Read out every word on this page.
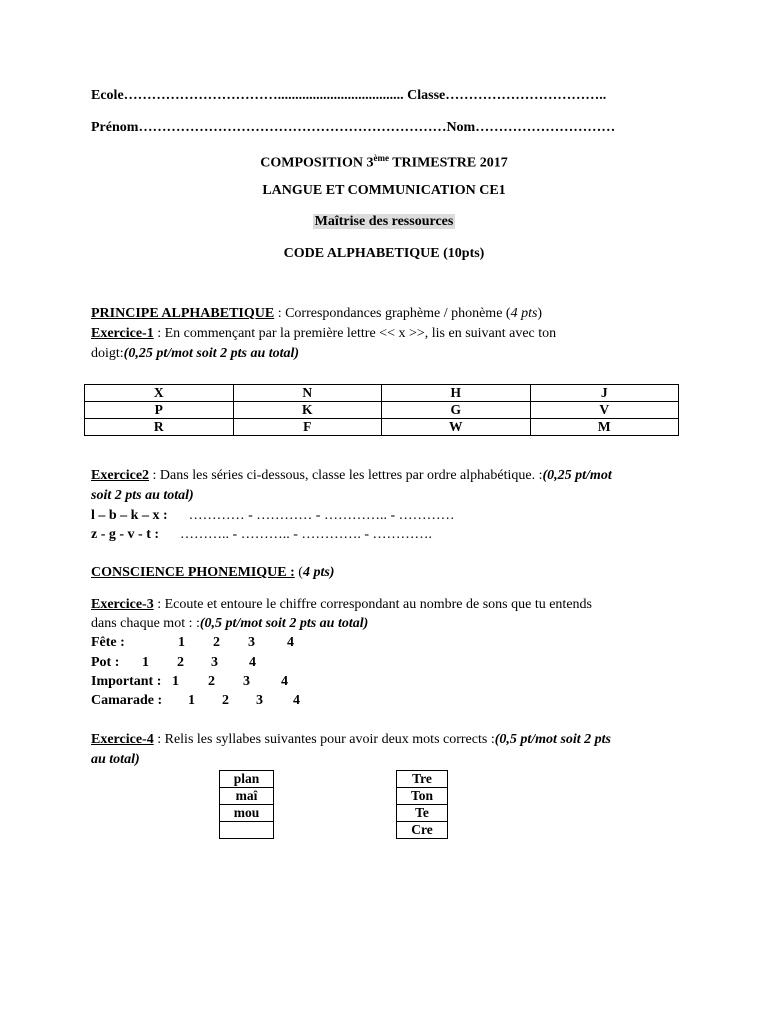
Ecole…………………………….................................... Classe……………………………..
Prénom…………………………………………………………Nom…………………………
COMPOSITION 3ème TRIMESTRE 2017
LANGUE ET COMMUNICATION CE1
Maîtrise des ressources
CODE ALPHABETIQUE (10pts)
PRINCIPE ALPHABETIQUE : Correspondances graphème / phonème (4 pts)
Exercice-1 : En commençant par la première lettre << x >>, lis en suivant avec ton
doigt:(0,25 pt/mot soit 2 pts au total)
X	N	H	J
P	K	G	V
R	F	W	M
Exercice2 : Dans les séries ci-dessous, classe les lettres par ordre alphabétique. :(0,25 pt/mot
soit 2 pts au total)
l – b – k – x : ………… - ………… - ………….. - …………
z - g - v - t : ……….. - ……….. - …………. - ………….
CONSCIENCE PHONEMIQUE : (4 pts)
Exercice-3 : Ecoute et entoure le chiffre correspondant au nombre de sons que tu entends
dans chaque mot : :(0,5 pt/mot soit 2 pts au total)
Fête :	1 2 3 4
Pot : 1 2 3 4
Important : 1 2 3 4
Camarade : 1 2 3 4
Exercice-4 : Relis les syllabes suivantes pour avoir deux mots corrects :(0,5 pt/mot soit 2 pts
au total)
plan
maî
mou

Tre
Ton
Te
Cre
